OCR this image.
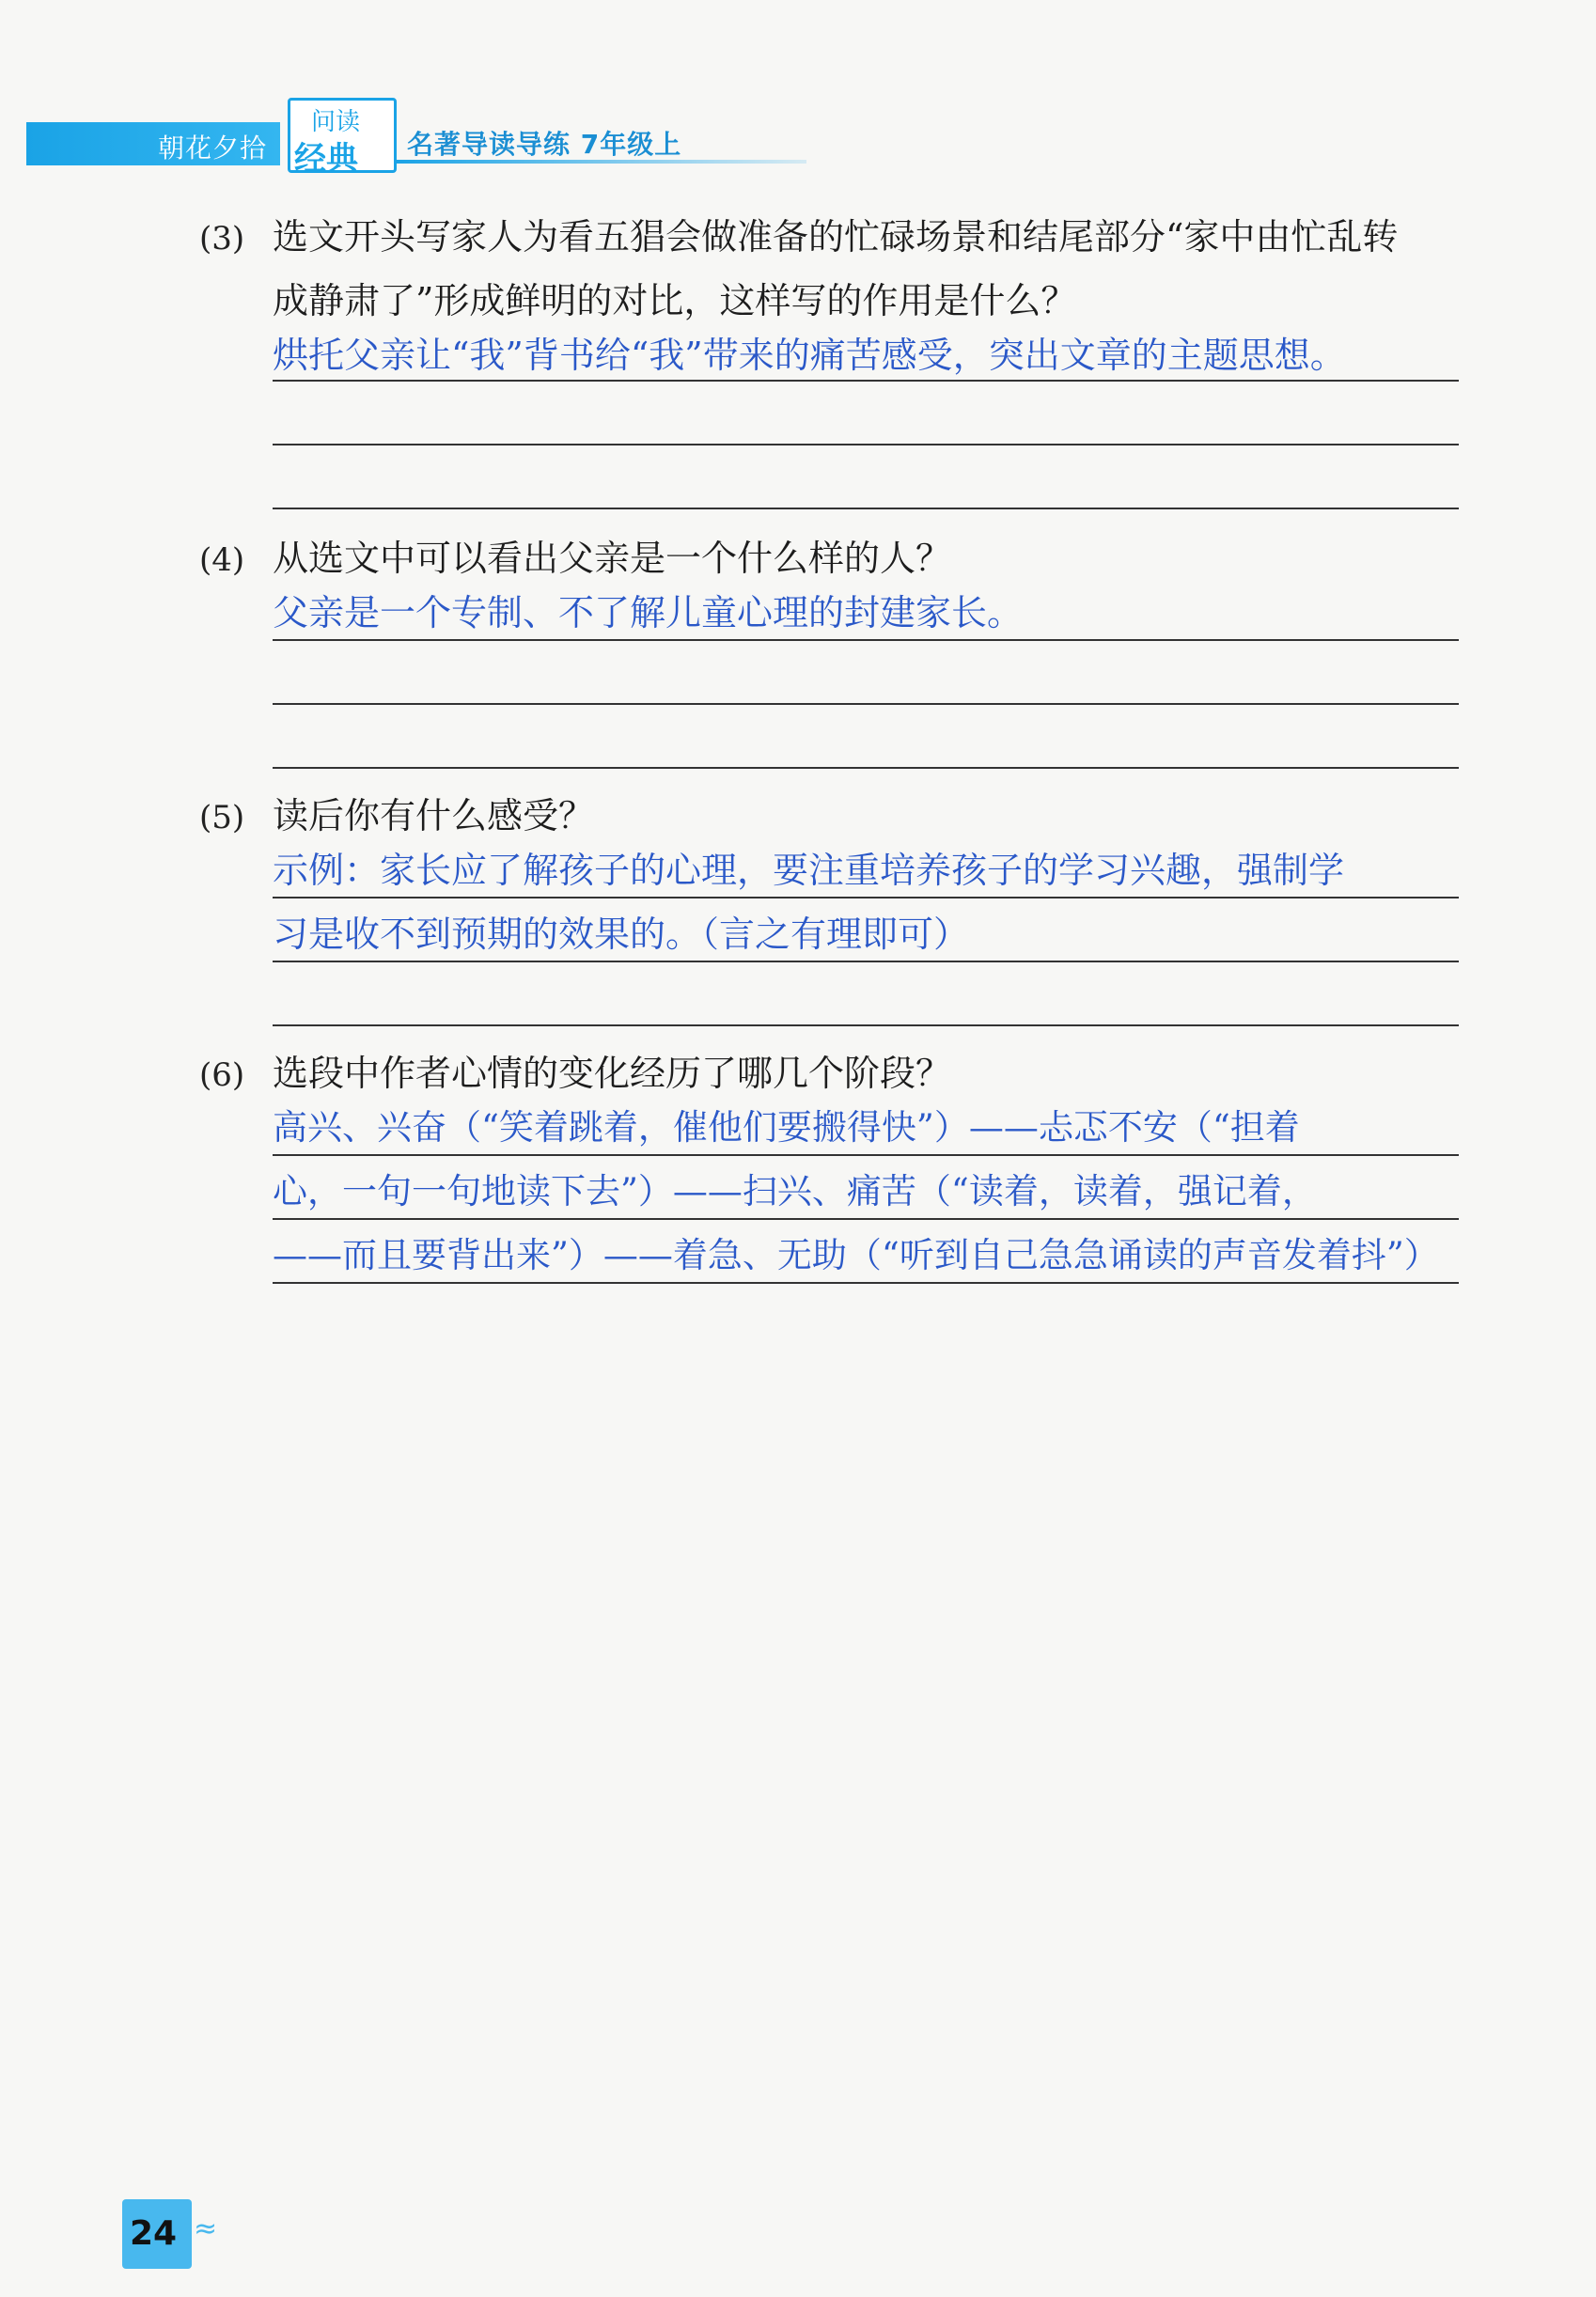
朝花夕拾
问读
经典 名著导读导练 7年级上
(3) 选文开头写家人为看五猖会做准备的忙碌场景和结尾部分“家中由忙乱转
成静肃了”形成鲜明的对比，这样写的作用是什么？
烘托父亲让“我”背书给“我”带来的痛苦感受，突出文章的主题思想。
(4) 从选文中可以看出父亲是一个什么样的人？
父亲是一个专制、不了解儿童心理的封建家长。
(5) 读后你有什么感受？
示例：家长应了解孩子的心理，要注重培养孩子的学习兴趣，强制学
习是收不到预期的效果的。（言之有理即可）
(6) 选段中作者心情的变化经历了哪几个阶段？
高兴、兴奋（“笑着跳着，催他们要搬得快”）——忐忑不安（“担着
心，一句一句地读下去”）——扫兴、痛苦（“读着，读着，强记着，
——而且要背出来”）——着急、无助（“听到自己急急诵读的声音发着抖”）
24 ≈
